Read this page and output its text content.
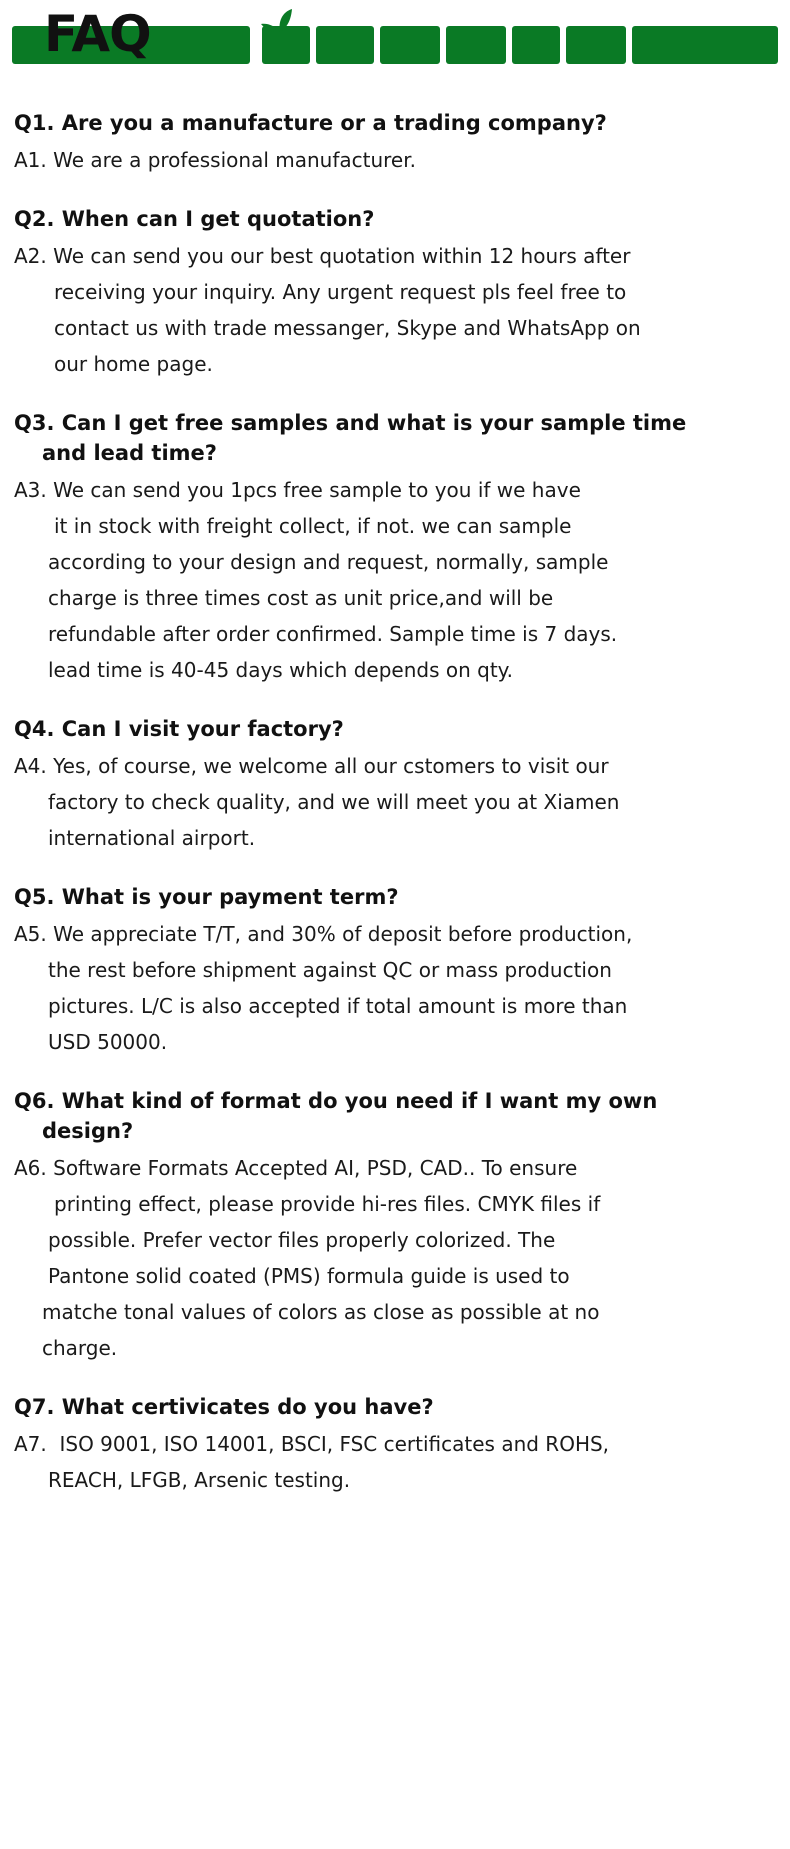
FAQ
Q1. Are you a manufacture or a trading company?
A1. We are a professional manufacturer.
Q2. When can I get quotation?
A2. We can send you our best quotation within 12 hours after
receiving your inquiry. Any urgent request pls feel free to
contact us with trade messanger, Skype and WhatsApp on
our home page.
Q3. Can I get free samples and what is your sample time
and lead time?
A3. We can send you 1pcs free sample to you if we have
it in stock with freight collect, if not. we can sample
according to your design and request, normally, sample
charge is three times cost as unit price,and will be
refundable after order confirmed. Sample time is 7 days.
lead time is 40-45 days which depends on qty.
Q4. Can I visit your factory?
A4. Yes, of course, we welcome all our cstomers to visit our
factory to check quality, and we will meet you at Xiamen
international airport.
Q5. What is your payment term?
A5. We appreciate T/T, and 30% of deposit before production,
the rest before shipment against QC or mass production
pictures. L/C is also accepted if total amount is more than
USD 50000.
Q6. What kind of format do you need if I want my own
design?
A6. Software Formats Accepted AI, PSD, CAD.. To ensure
printing effect, please provide hi-res files. CMYK files if
possible. Prefer vector files properly colorized. The
Pantone solid coated (PMS) formula guide is used to
matche tonal values of colors as close as possible at no
charge.
Q7. What certivicates do you have?
A7.  ISO 9001, ISO 14001, BSCI, FSC certificates and ROHS,
REACH, LFGB, Arsenic testing.
